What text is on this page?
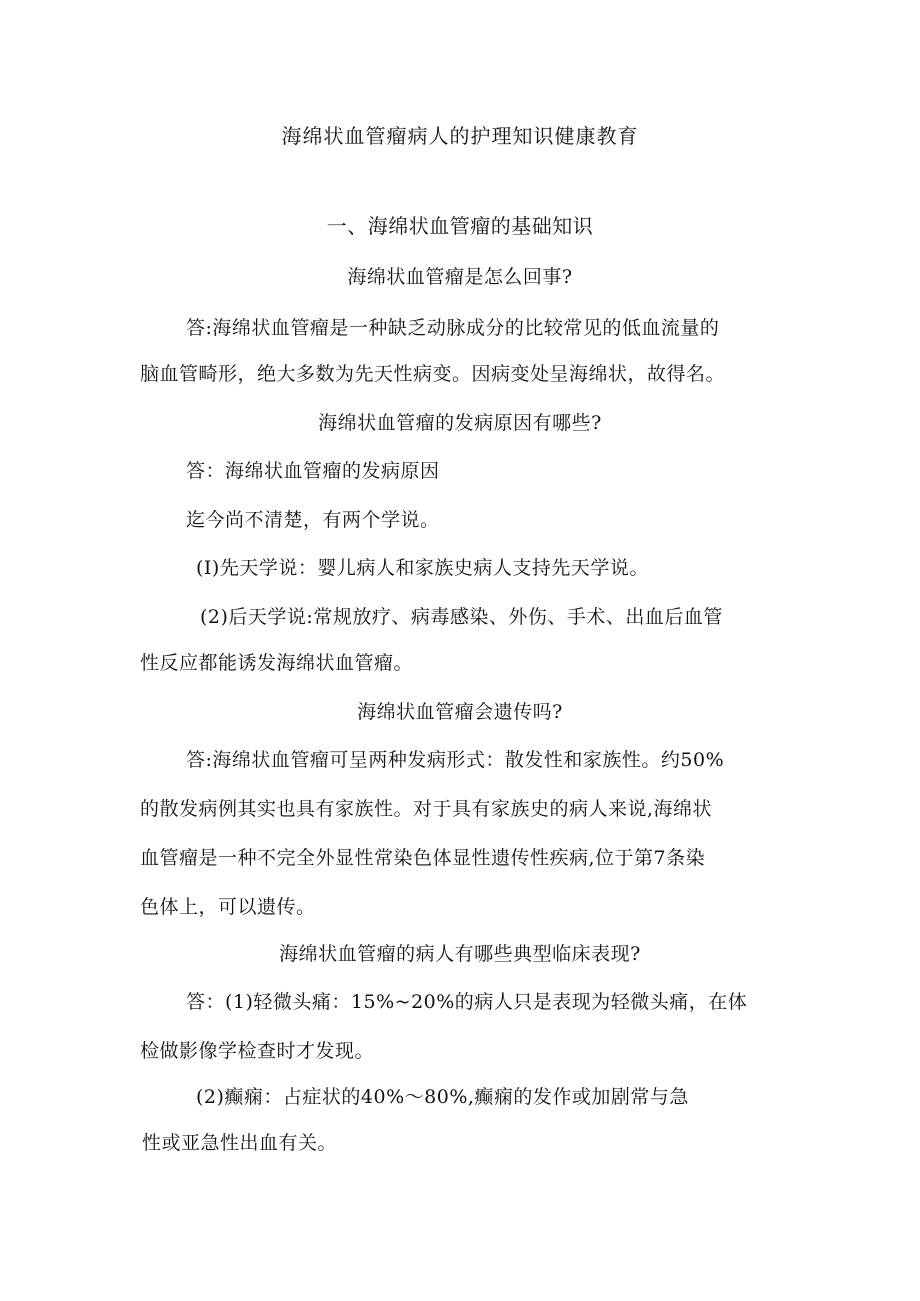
海绵状血管瘤病人的护理知识健康教育
一、海绵状血管瘤的基础知识
海绵状血管瘤是怎么回事?
答:海绵状血管瘤是一种缺乏动脉成分的比较常见的低血流量的
脑血管畸形，绝大多数为先天性病变。因病变处呈海绵状，故得名。
海绵状血管瘤的发病原因有哪些?
答：海绵状血管瘤的发病原因
迄今尚不清楚，有两个学说。
(I)先天学说：婴儿病人和家族史病人支持先天学说。
(2)后天学说:常规放疗、病毒感染、外伤、手术、出血后血管
性反应都能诱发海绵状血管瘤。
海绵状血管瘤会遗传吗?
答:海绵状血管瘤可呈两种发病形式：散发性和家族性。约50%
的散发病例其实也具有家族性。对于具有家族史的病人来说,海绵状
血管瘤是一种不完全外显性常染色体显性遗传性疾病,位于第7条染
色体上，可以遗传。
海绵状血管瘤的病人有哪些典型临床表现?
答：(1)轻微头痛：15%~20%的病人只是表现为轻微头痛，在体
检做影像学检查时才发现。
(2)癫痫：占症状的40%～80%,癫痫的发作或加剧常与急
性或亚急性出血有关。
